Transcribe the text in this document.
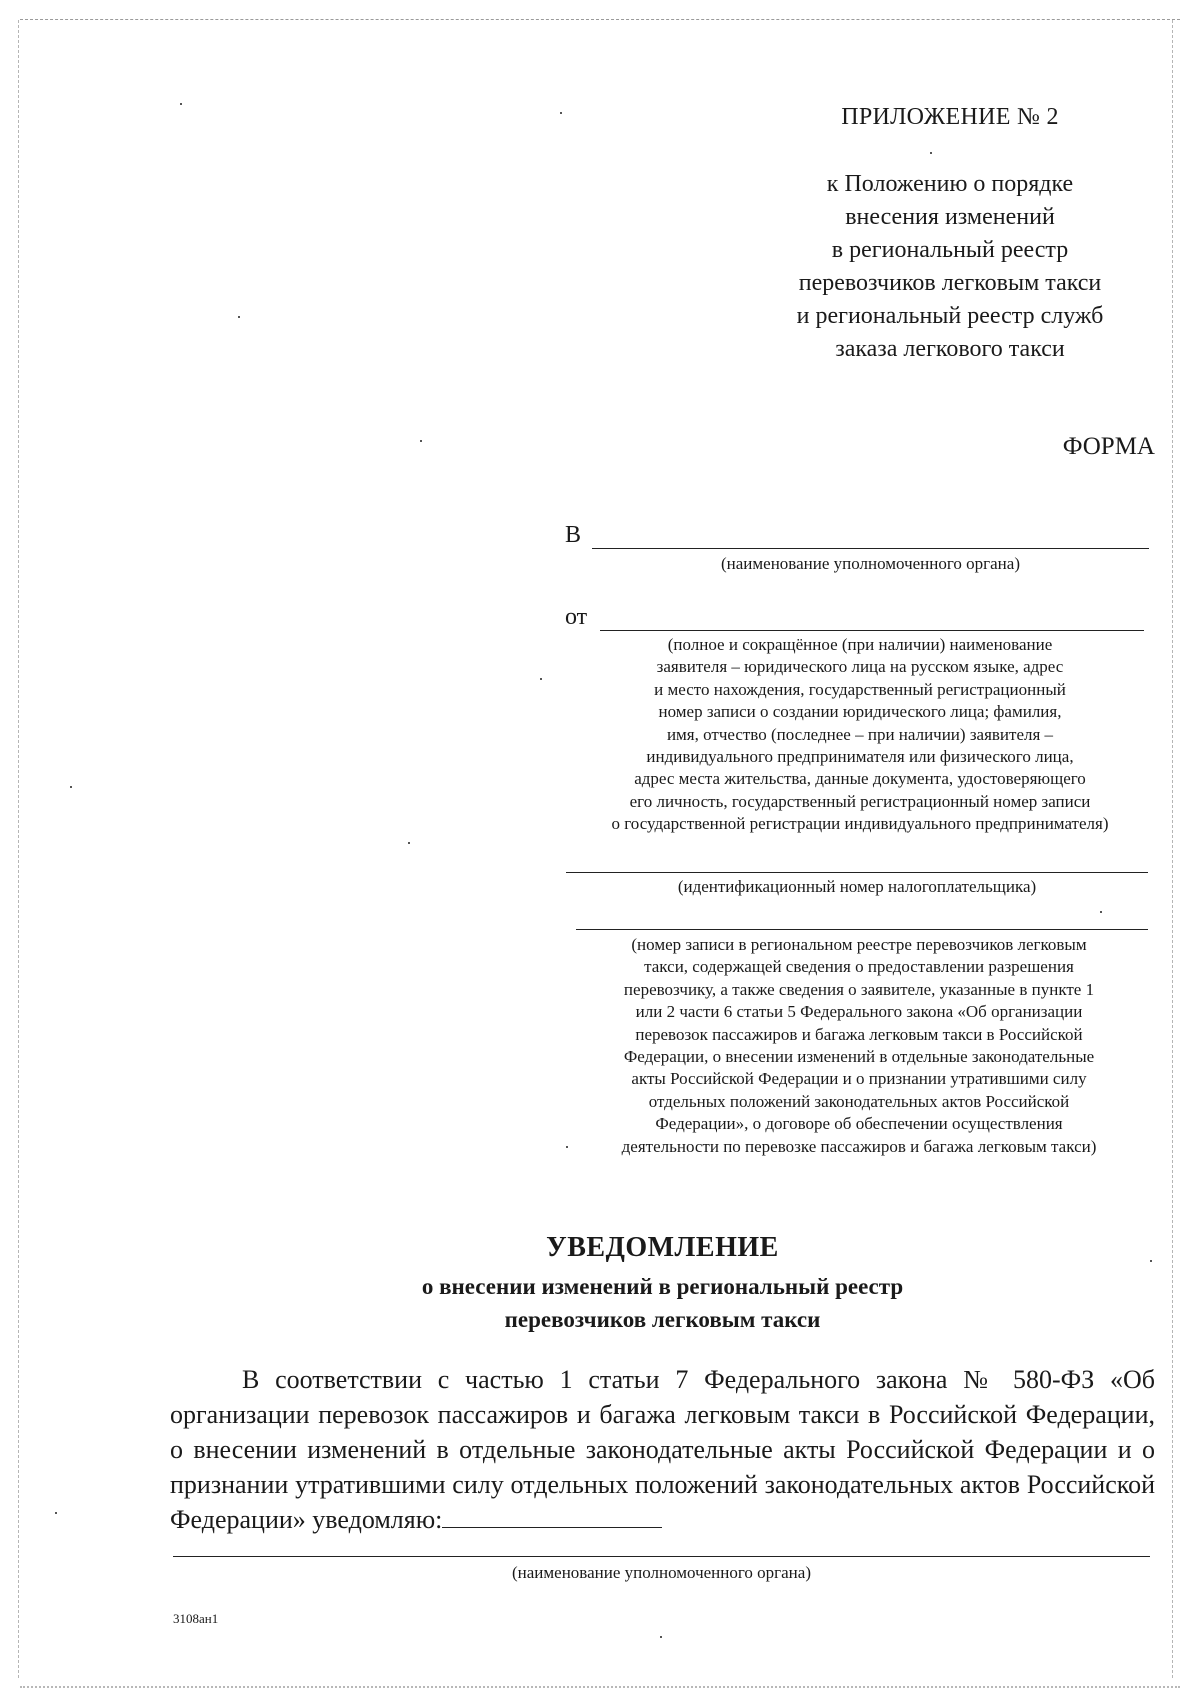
ПРИЛОЖЕНИЕ № 2
к Положению о порядке
внесения изменений
в региональный реестр
перевозчиков легковым такси
и региональный реестр служб
заказа легкового такси
ФОРМА
В
(наименование уполномоченного органа)
от
(полное и сокращённое (при наличии) наименование
заявителя – юридического лица на русском языке, адрес
и место нахождения, государственный регистрационный
номер записи о создании юридического лица; фамилия,
имя, отчество (последнее – при наличии) заявителя –
индивидуального предпринимателя или физического лица,
адрес места жительства, данные документа, удостоверяющего
его личность, государственный регистрационный номер записи
о государственной регистрации индивидуального предпринимателя)
(идентификационный номер налогоплательщика)
(номер записи в региональном реестре перевозчиков легковым
такси, содержащей сведения о предоставлении разрешения
перевозчику, а также сведения о заявителе, указанные в пункте 1
или 2 части 6 статьи 5 Федерального закона «Об организации
перевозок пассажиров и багажа легковым такси в Российской
Федерации, о внесении изменений в отдельные законодательные
акты Российской Федерации и о признании утратившими силу
отдельных положений законодательных актов Российской
Федерации», о договоре об обеспечении осуществления
деятельности по перевозке пассажиров и багажа легковым такси)
УВЕДОМЛЕНИЕ
о внесении изменений в региональный реестр
перевозчиков легковым такси
В соответствии с частью 1 статьи 7 Федерального закона № 580-ФЗ «Об организации перевозок пассажиров и багажа легковым такси в Российской Федерации, о внесении изменений в отдельные законодательные акты Российской Федерации и о признании утратившими силу отдельных положений законодательных актов Российской Федерации» уведомляю:
(наименование уполномоченного органа)
3108ан1
